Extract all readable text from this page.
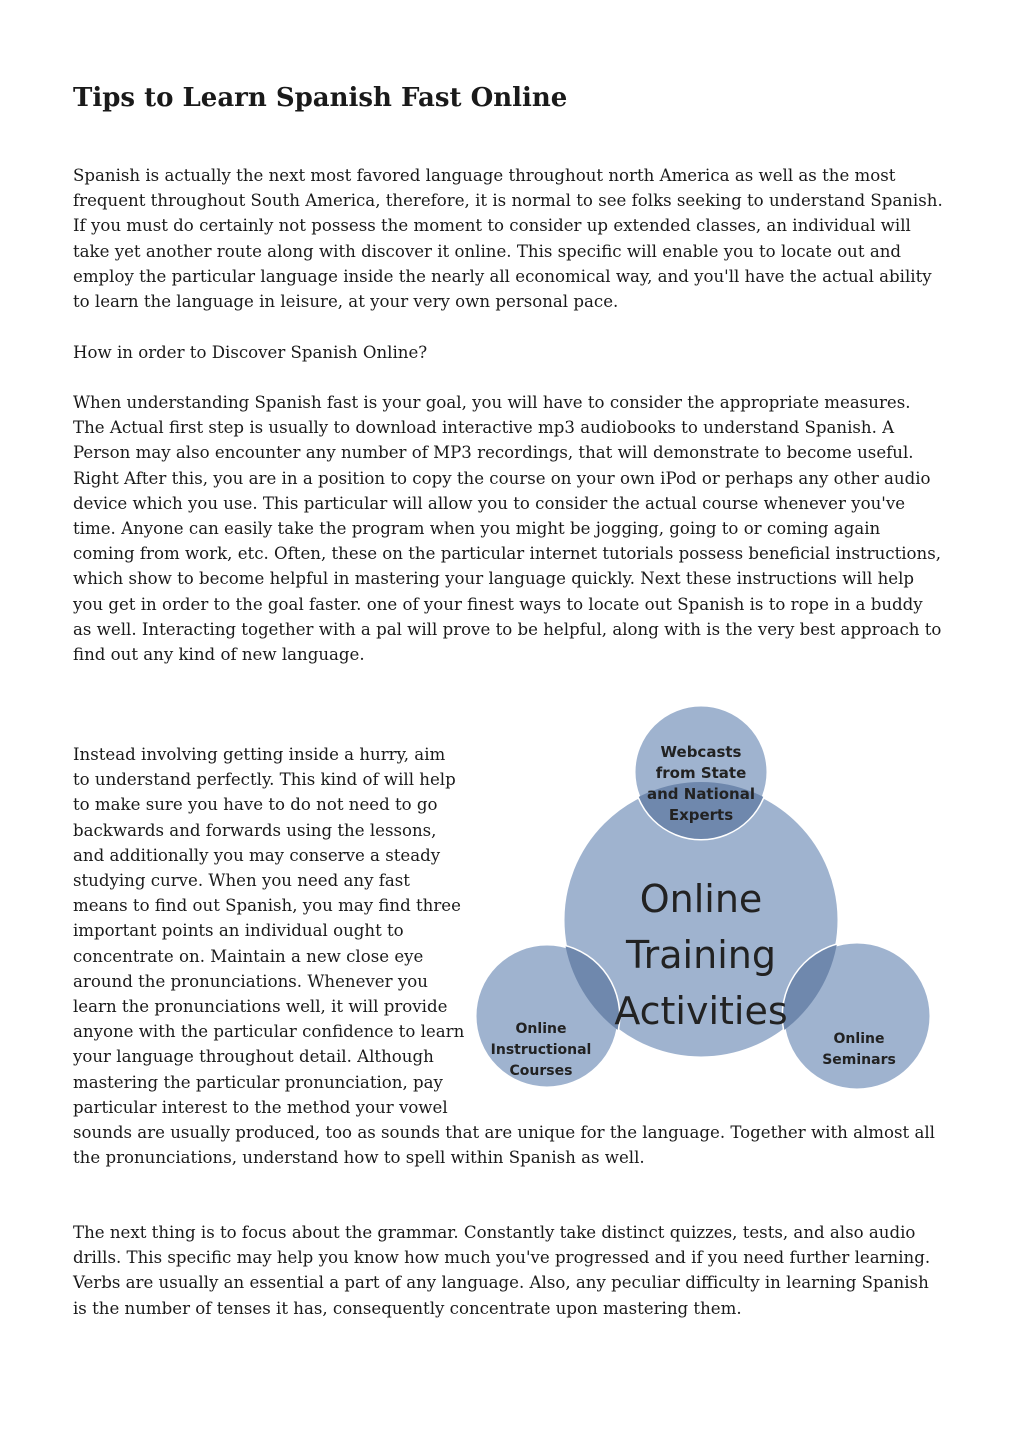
Tips to Learn Spanish Fast Online

Spanish is actually the next most favored language throughout north America as well as the most frequent throughout South America, therefore, it is normal to see folks seeking to understand Spanish. If you must do certainly not possess the moment to consider up extended classes, an individual will take yet another route along with discover it online. This specific will enable you to locate out and employ the particular language inside the nearly all economical way, and you'll have the actual ability to learn the language in leisure, at your very own personal pace.

How in order to Discover Spanish Online?

When understanding Spanish fast is your goal, you will have to consider the appropriate measures. The Actual first step is usually to download interactive mp3 audiobooks to understand Spanish. A Person may also encounter any number of MP3 recordings, that will demonstrate to become useful. Right After this, you are in a position to copy the course on your own iPod or perhaps any other audio device which you use. This particular will allow you to consider the actual course whenever you've time. Anyone can easily take the program when you might be jogging, going to or coming again coming from work, etc. Often, these on the particular internet tutorials possess beneficial instructions, which show to become helpful in mastering your language quickly. Next these instructions will help you get in order to the goal faster. one of your finest ways to locate out Spanish is to rope in a buddy as well. Interacting together with a pal will prove to be helpful, along with is the very best approach to find out any kind of new language.

Webcasts
from State
and National
Experts
Online
Training
Activities
Online
Instructional
Courses
Online
Seminars

Instead involving getting inside a hurry, aim to understand perfectly. This kind of will help to make sure you have to do not need to go backwards and forwards using the lessons, and additionally you may conserve a steady studying curve. When you need any fast means to find out Spanish, you may find three important points an individual ought to concentrate on. Maintain a new close eye around the pronunciations. Whenever you learn the pronunciations well, it will provide anyone with the particular confidence to learn your language throughout detail. Although mastering the particular pronunciation, pay particular interest to the method your vowel sounds are usually produced, too as sounds that are unique for the language. Together with almost all the pronunciations, understand how to spell within Spanish as well.

The next thing is to focus about the grammar. Constantly take distinct quizzes, tests, and also audio drills. This specific may help you know how much you've progressed and if you need further learning. Verbs are usually an essential a part of any language. Also, any peculiar difficulty in learning Spanish is the number of tenses it has, consequently concentrate upon mastering them.
